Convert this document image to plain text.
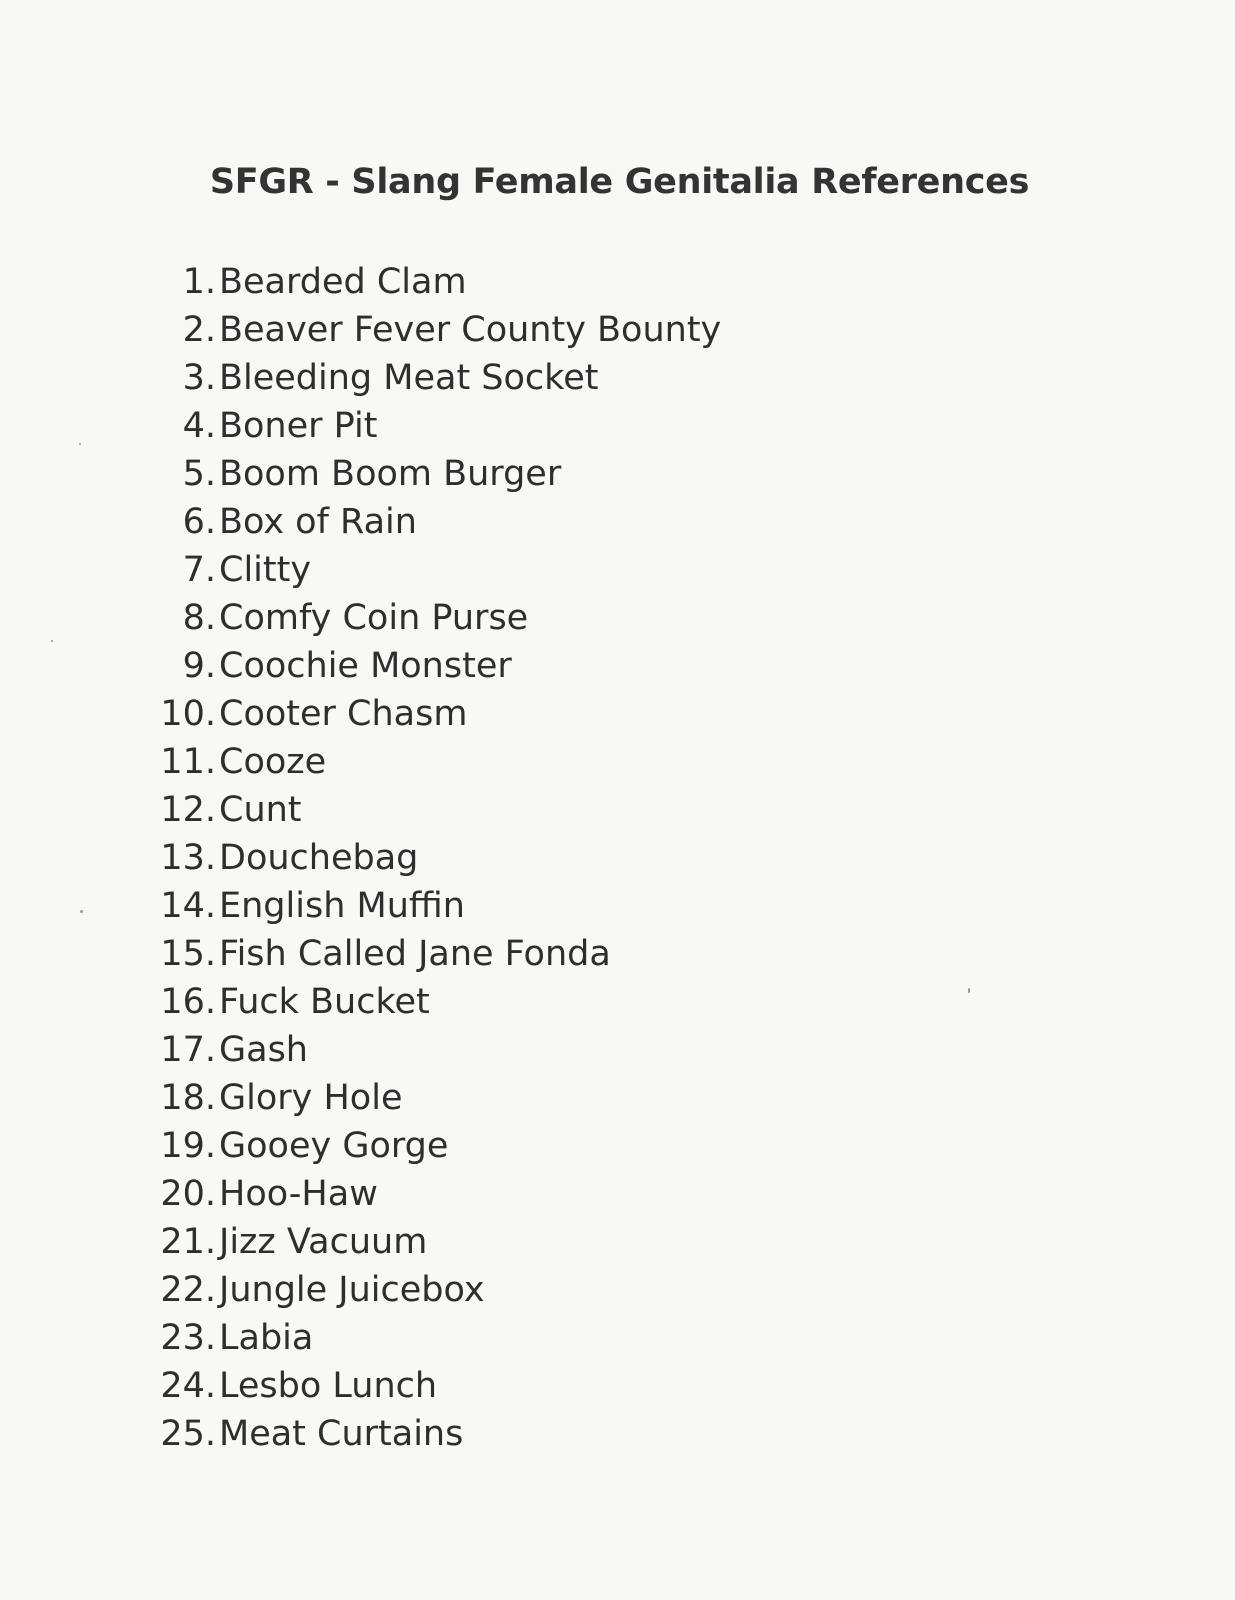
SFGR - Slang Female Genitalia References
1. Bearded Clam
2. Beaver Fever County Bounty
3. Bleeding Meat Socket
4. Boner Pit
5. Boom Boom Burger
6. Box of Rain
7. Clitty
8. Comfy Coin Purse
9. Coochie Monster
10. Cooter Chasm
11. Cooze
12. Cunt
13. Douchebag
14. English Muffin
15. Fish Called Jane Fonda
16. Fuck Bucket
17. Gash
18. Glory Hole
19. Gooey Gorge
20. Hoo-Haw
21. Jizz Vacuum
22. Jungle Juicebox
23. Labia
24. Lesbo Lunch
25. Meat Curtains
